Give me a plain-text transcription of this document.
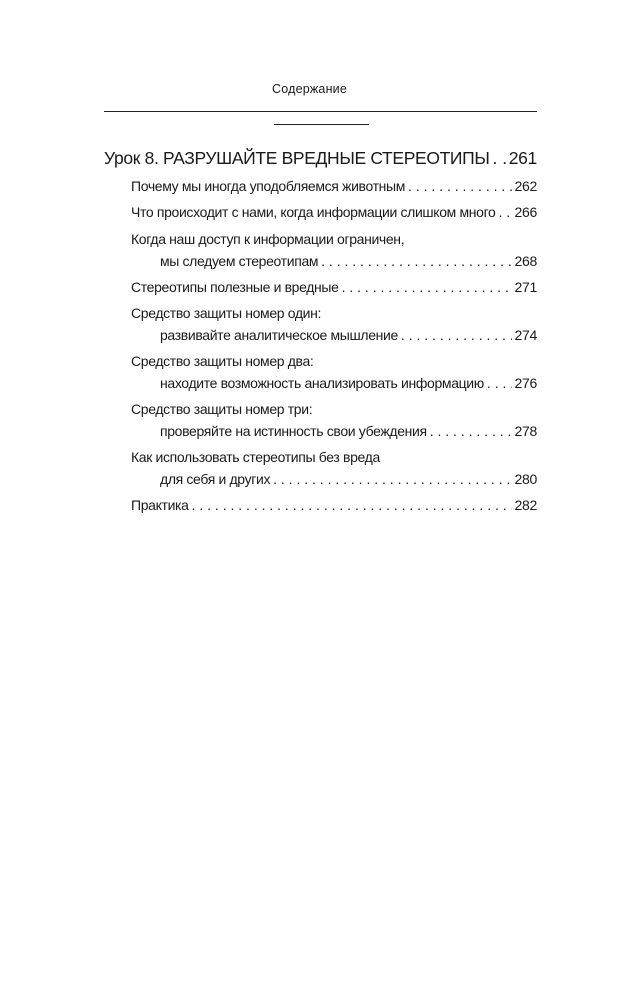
Содержание
Урок 8. РАЗРУШАЙТЕ ВРЕДНЫЕ СТЕРЕОТИПЫ . . . 261
Почему мы иногда уподобляемся животным . . .	262
Что происходит с нами, когда информации слишком много . . . 266
Когда наш доступ к информации ограничен,
мы следуем стереотипам . . .	268
Стереотипы полезные и вредные . . .	271
Средство защиты номер один:
развивайте аналитическое мышление . . .	274
Средство защиты номер два:
находите возможность анализировать информацию . . . 276
Средство защиты номер три:
проверяйте на истинность свои убеждения . . .	278
Как использовать стереотипы без вреда
для себя и других . . .	280
Практика . . .	282
